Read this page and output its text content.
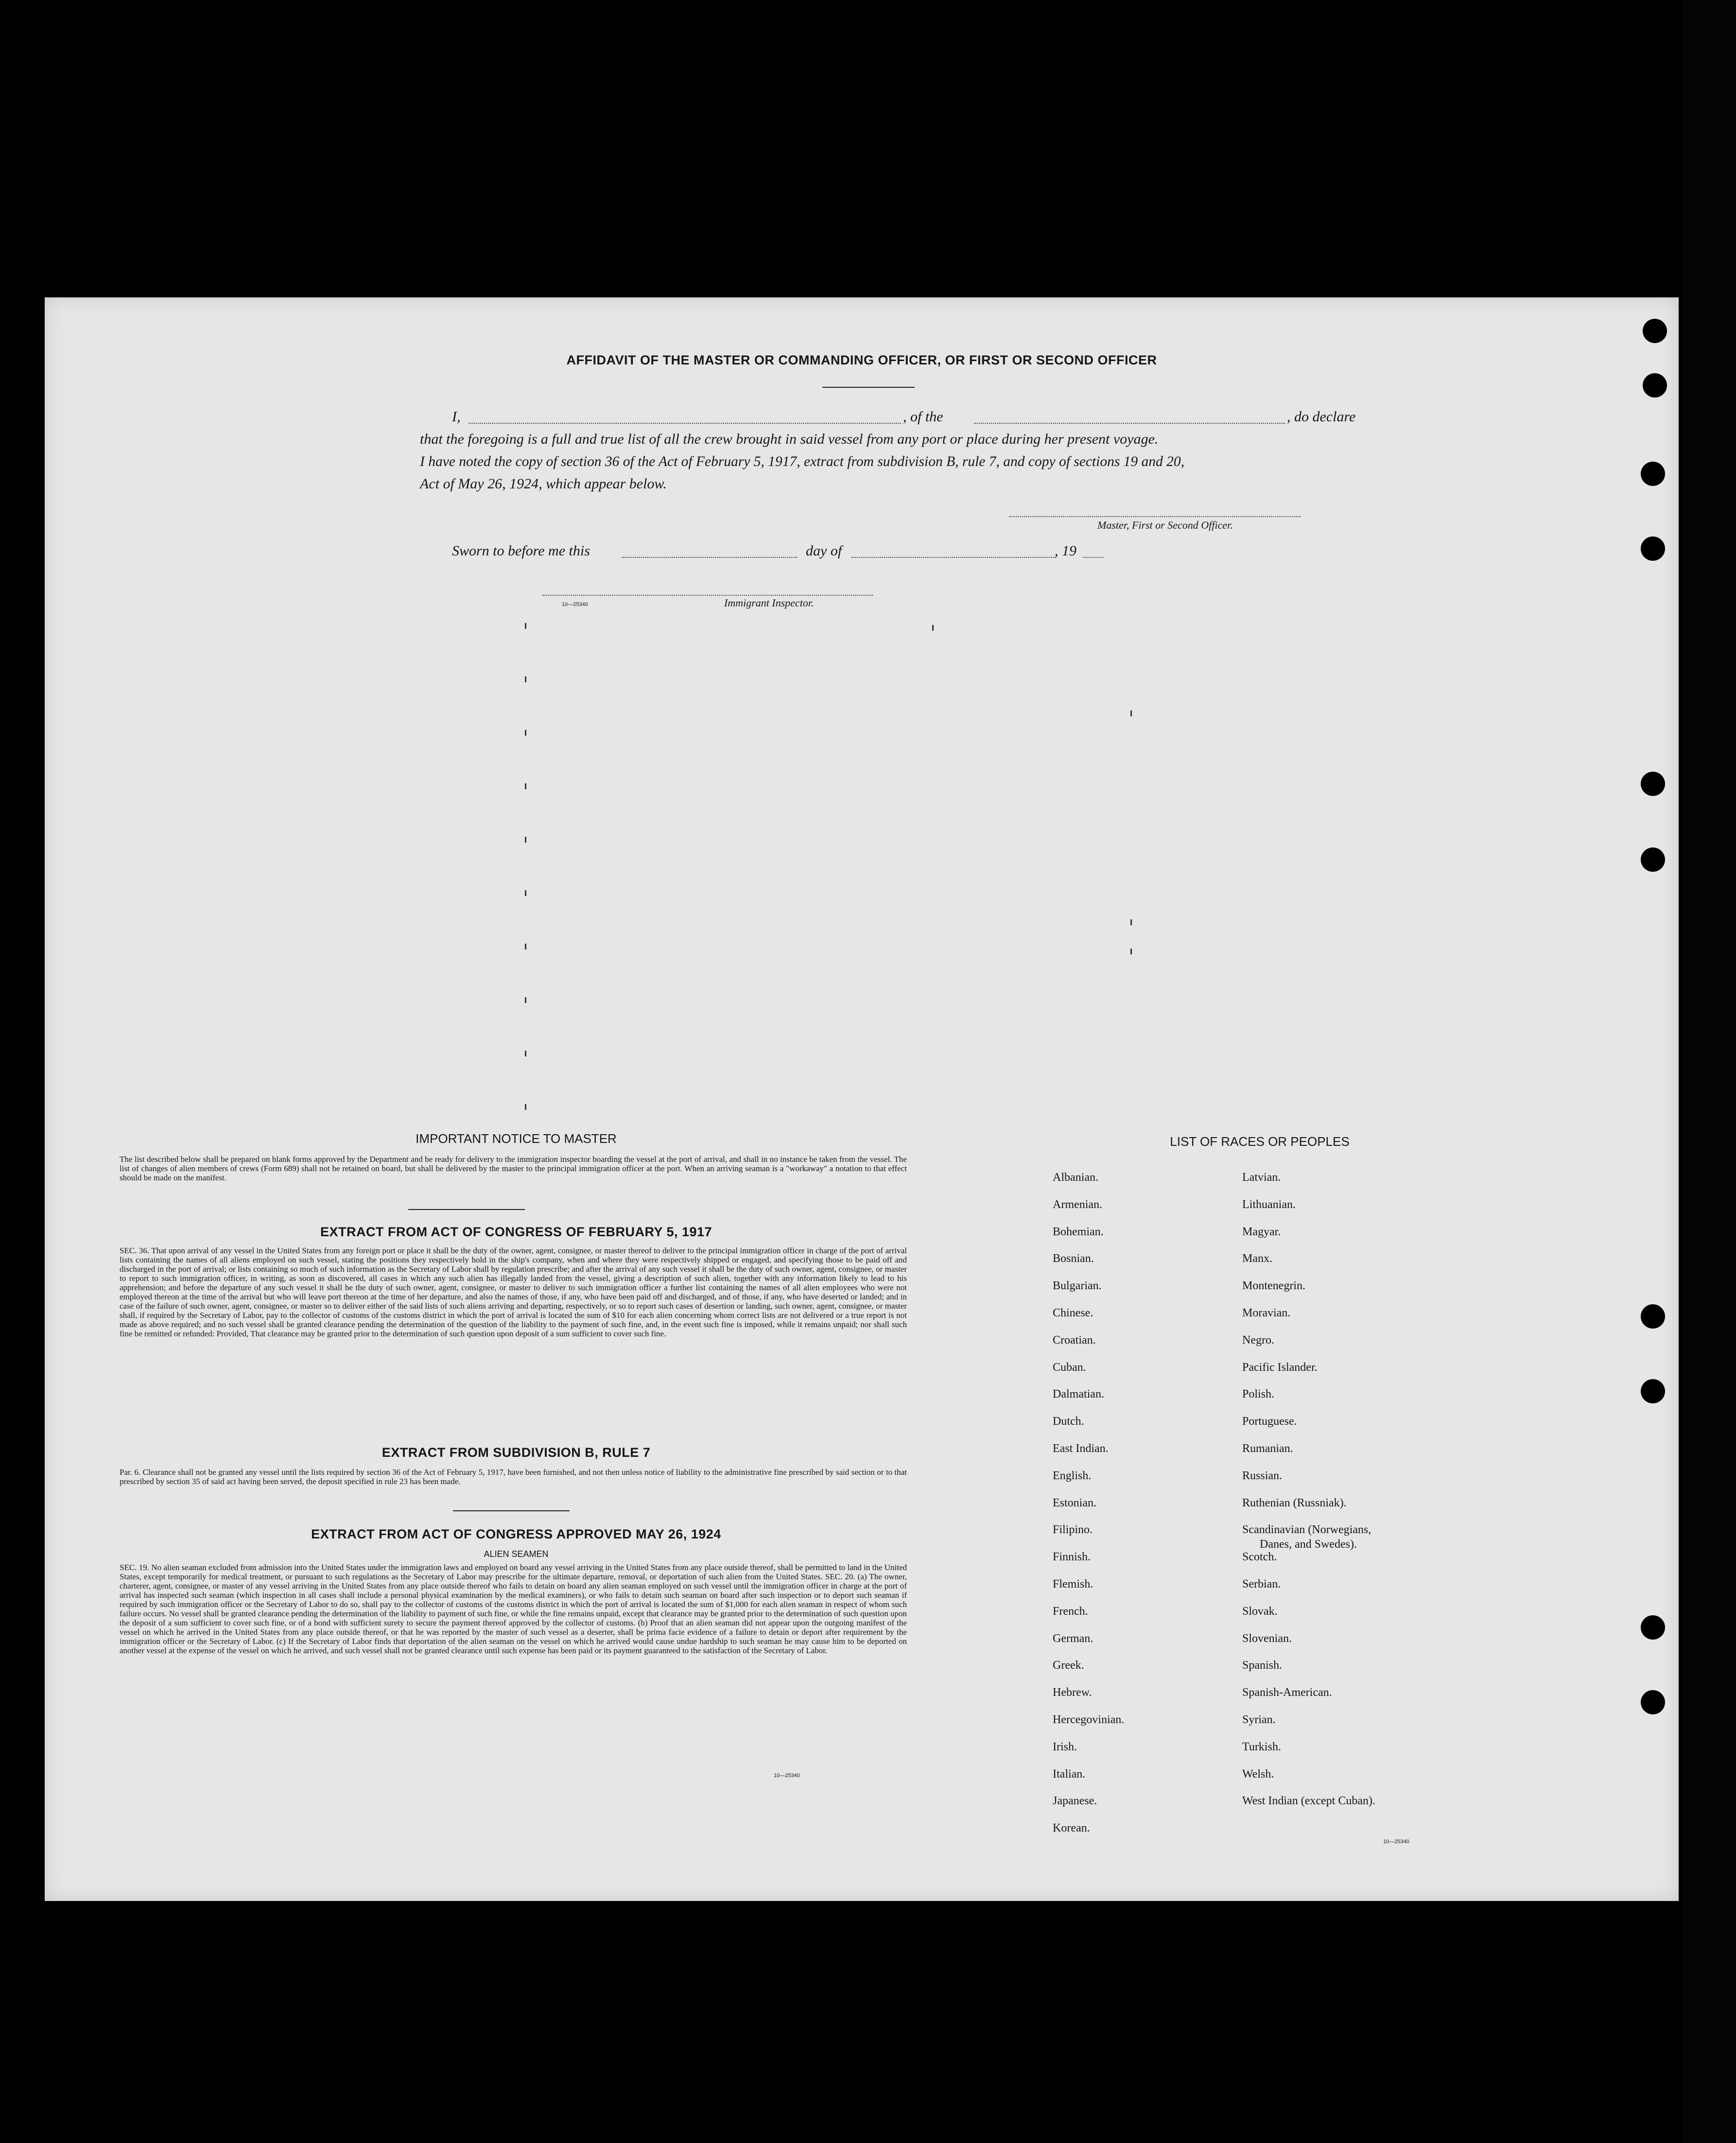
AFFIDAVIT OF THE MASTER OR COMMANDING OFFICER, OR FIRST OR SECOND OFFICER
I,	, of the	, do declare
that the foregoing is a full and true list of all the crew brought in said vessel from any port or place during her present voyage.
I have noted the copy of section 36 of the Act of February 5, 1917, extract from subdivision B, rule 7, and copy of sections 19 and 20,
Act of May 26, 1924, which appear below.
Master, First or Second Officer.
Sworn to before me this	day of	, 19
10—25340	Immigrant Inspector.
IMPORTANT NOTICE TO MASTER
The list described below shall be prepared on blank forms approved by the Department and be ready for delivery to the immigration inspector boarding the vessel at the port of arrival, and shall in no instance be taken from the vessel. The list of changes of alien members of crews (Form 689) shall not be retained on board, but shall be delivered by the master to the principal immigration officer at the port. When an arriving seaman is a "workaway" a notation to that effect should be made on the manifest.
EXTRACT FROM ACT OF CONGRESS OF FEBRUARY 5, 1917
SEC. 36. That upon arrival of any vessel in the United States from any foreign port or place it shall be the duty of the owner, agent, consignee, or master thereof to deliver to the principal immigration officer in charge of the port of arrival lists containing the names of all aliens employed on such vessel, stating the positions they respectively hold in the ship's company, when and where they were respectively shipped or engaged, and specifying those to be paid off and discharged in the port of arrival; or lists containing so much of such information as the Secretary of Labor shall by regulation prescribe; and after the arrival of any such vessel it shall be the duty of such owner, agent, consignee, or master to report to such immigration officer, in writing, as soon as discovered, all cases in which any such alien has illegally landed from the vessel, giving a description of such alien, together with any information likely to lead to his apprehension; and before the departure of any such vessel it shall be the duty of such owner, agent, consignee, or master to deliver to such immigration officer a further list containing the names of all alien employees who were not employed thereon at the time of the arrival but who will leave port thereon at the time of her departure, and also the names of those, if any, who have been paid off and discharged, and of those, if any, who have deserted or landed; and in case of the failure of such owner, agent, consignee, or master so to deliver either of the said lists of such aliens arriving and departing, respectively, or so to report such cases of desertion or landing, such owner, agent, consignee, or master shall, if required by the Secretary of Labor, pay to the collector of customs of the customs district in which the port of arrival is located the sum of $10 for each alien concerning whom correct lists are not delivered or a true report is not made as above required; and no such vessel shall be granted clearance pending the determination of the question of the liability to the payment of such fine, and, in the event such fine is imposed, while it remains unpaid; nor shall such fine be remitted or refunded: Provided, That clearance may be granted prior to the determination of such question upon deposit of a sum sufficient to cover such fine.
EXTRACT FROM SUBDIVISION B, RULE 7
Par. 6. Clearance shall not be granted any vessel until the lists required by section 36 of the Act of February 5, 1917, have been furnished, and not then unless notice of liability to the administrative fine prescribed by said section or to that prescribed by section 35 of said act having been served, the deposit specified in rule 23 has been made.
EXTRACT FROM ACT OF CONGRESS APPROVED MAY 26, 1924
ALIEN SEAMEN
SEC. 19. No alien seaman excluded from admission into the United States under the immigration laws and employed on board any vessel arriving in the United States from any place outside thereof, shall be permitted to land in the United States, except temporarily for medical treatment, or pursuant to such regulations as the Secretary of Labor may prescribe for the ultimate departure, removal, or deportation of such alien from the United States. SEC. 20. (a) The owner, charterer, agent, consignee, or master of any vessel arriving in the United States from any place outside thereof who fails to detain on board any alien seaman employed on such vessel until the immigration officer in charge at the port of arrival has inspected such seaman (which inspection in all cases shall include a personal physical examination by the medical examiners), or who fails to detain such seaman on board after such inspection or to deport such seaman if required by such immigration officer or the Secretary of Labor to do so, shall pay to the collector of customs of the customs district in which the port of arrival is located the sum of $1,000 for each alien seaman in respect of whom such failure occurs. No vessel shall be granted clearance pending the determination of the liability to payment of such fine, or while the fine remains unpaid, except that clearance may be granted prior to the determination of such question upon the deposit of a sum sufficient to cover such fine, or of a bond with sufficient surety to secure the payment thereof approved by the collector of customs. (b) Proof that an alien seaman did not appear upon the outgoing manifest of the vessel on which he arrived in the United States from any place outside thereof, or that he was reported by the master of such vessel as a deserter, shall be prima facie evidence of a failure to detain or deport after requirement by the immigration officer or the Secretary of Labor. (c) If the Secretary of Labor finds that deportation of the alien seaman on the vessel on which he arrived would cause undue hardship to such seaman he may cause him to be deported on another vessel at the expense of the vessel on which he arrived, and such vessel shall not be granted clearance until such expense has been paid or its payment guaranteed to the satisfaction of the Secretary of Labor.
10—25340
LIST OF RACES OR PEOPLES
Albanian.
Armenian.
Bohemian.
Bosnian.
Bulgarian.
Chinese.
Croatian.
Cuban.
Dalmatian.
Dutch.
East Indian.
English.
Estonian.
Filipino.
Finnish.
Flemish.
French.
German.
Greek.
Hebrew.
Hercegovinian.
Irish.
Italian.
Japanese.
Korean.
Latvian.
Lithuanian.
Magyar.
Manx.
Montenegrin.
Moravian.
Negro.
Pacific Islander.
Polish.
Portuguese.
Rumanian.
Russian.
Ruthenian (Russniak).
Scandinavian (Norwegians,
Danes, and Swedes).
Scotch.
Serbian.
Slovak.
Slovenian.
Spanish.
Spanish-American.
Syrian.
Turkish.
Welsh.
West Indian (except Cuban).
10—25340
